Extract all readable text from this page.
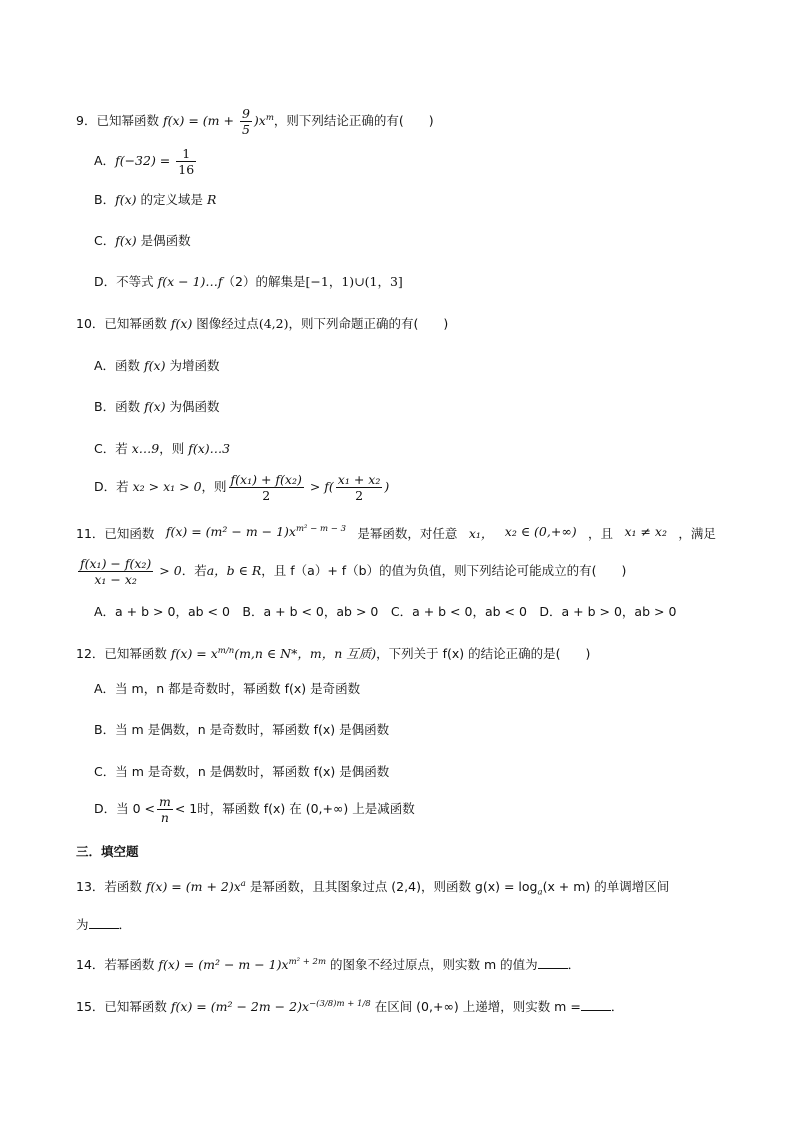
9．已知幂函数 $f(x) = (m + \frac{9}{5} )x^m$，则下列结论正确的有(　　)
A．$f(-32) = \frac{1}{16}$
B．f(x) 的定义域是 R
C．f(x) 是偶函数
D．不等式 f(x − 1)…f（2）的解集是[−1，1)∪(1，3]
10．已知幂函数 f(x) 图像经过点(4,2)，则下列命题正确的有(　　)
A．函数 f(x) 为增函数
B．函数 f(x) 为偶函数
C．若 x…9，则 f(x)…3
D．若 x₂ > x₁ > 0，则 $\frac{\text{f(x₁) + f(x₂)}}{2} > f( \frac{\text{x₁ + x₂}}{2}$ )
11．已知函数 $f(x) = (m^2 - m - 1)x^{m^2 - m - 3}$ 是幂函数，对任意 x₁， x₂ ∈ (0,+∞) ，且 x₁ ≠ x₂ ，满足
$\frac{\text{f(x₁) − f(x₂)}}{\text{x₁ − x₂}} > 0$．若a，b ∈ R，且 f（a）+ f（b）的值为负值，则下列结论可能成立的有(　　)
A．a + b > 0，ab < 0　B．a + b < 0，ab > 0　C．a + b < 0，ab < 0　D．a + b > 0，ab > 0
12．已知幂函数 $f(x) = x^{m/n}(m,n$ ∈ N*，m，n 互质)，下列关于 f(x) 的结论正确的是(　　)
A．当 m，n 都是奇数时，幂函数 f(x) 是奇函数
B．当 m 是偶数，n 是奇数时，幂函数 f(x) 是偶函数
C．当 m 是奇数，n 是偶数时，幂函数 f(x) 是偶函数
D．当 $0 < \frac{m}{n} < 1$时，幂函数 f(x) 在 (0,+∞) 上是减函数
三．填空题
13．若函数 $f(x) = (m + 2)x^a$ 是幂函数，且其图象过点 (2,4)，则函数 $g(x) = \log_a(x + m)$ 的单调增区间
为 ．
14．若幂函数 $f(x) = (m^2 - m - 1)x^{m^2 + 2m}$ 的图象不经过原点，则实数 m 的值为 ．
15．已知幂函数 $f(x) = (m^2 - 2m - 2)x^{-(3/8)m + 1/8}$ 在区间 (0,+∞) 上递增，则实数 m = ．
